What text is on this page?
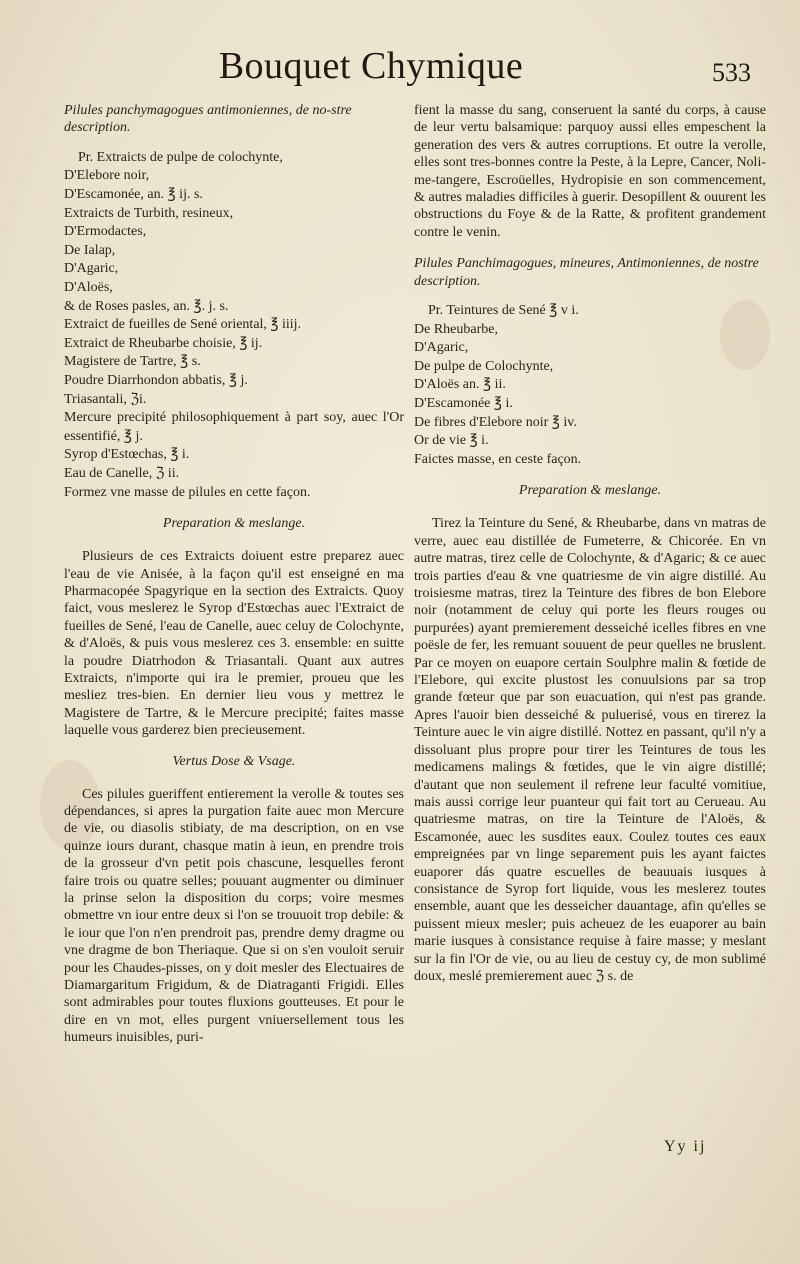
Bouquet Chymique	533

Pilules panchymagogues antimoniennes, de no-stre description.

Pr. Extraicts de pulpe de colochynte,

D'Elebore noir,

D'Escamonée, an. ℥ ij. s.

Extraicts de Turbith, resineux,

D'Ermodactes,

De Ialap,

D'Agaric,

D'Aloës,

& de Roses pasles, an. ℥. j. s.

Extraict de fueilles de Sené oriental, ℥ iiij.

Extraict de Rheubarbe choisie, ℥ ij.

Magistere de Tartre, ℥ s.

Poudre Diarrhondon abbatis, ℥ j.

Triasantali, ℨi.

Mercure precipité philosophiquement à part soy, auec l'Or essentifié, ℥ j.

Syrop d'Estœchas, ℥ i.

Eau de Canelle, ℨ ii.

Formez vne masse de pilules en cette façon.

Preparation & meslange.

Plusieurs de ces Extraicts doiuent estre preparez auec l'eau de vie Anisée, à la façon qu'il est enseigné en ma Pharmacopée Spagyrique en la section des Extraicts. Quoy faict, vous meslerez le Syrop d'Estœchas auec l'Extraict de fueilles de Sené, l'eau de Canelle, auec celuy de Colochynte, & d'Aloës, & puis vous meslerez ces 3. ensemble: en suitte la poudre Diatrhodon & Triasantali. Quant aux autres Extraicts, n'importe qui ira le premier, proueu que les mesliez tres-bien. En dernier lieu vous y mettrez le Magistere de Tartre, & le Mercure precipité; faites masse laquelle vous garderez bien precieusement.

Vertus Dose & Vsage.

Ces pilules gueriffent entierement la verolle & toutes ses dépendances, si apres la purgation faite auec mon Mercure de vie, ou diasolis stibiaty, de ma description, on en vse quinze iours durant, chasque matin à ieun, en prendre trois de la grosseur d'vn petit pois chascune, lesquelles feront faire trois ou quatre selles; pouuant augmenter ou diminuer la prinse selon la disposition du corps; voire mesmes obmettre vn iour entre deux si l'on se trouuoit trop debile: & le iour que l'on n'en prendroit pas, prendre demy dragme ou vne dragme de bon Theriaque. Que si on s'en vouloit seruir pour les Chaudes-pisses, on y doit mesler des Electuaires de Diamargaritum Frigidum, & de Diatraganti Frigidi. Elles sont admirables pour toutes fluxions goutteuses. Et pour le dire en vn mot, elles purgent vniuersellement tous les humeurs inuisibles, puri-

fient la masse du sang, conseruent la santé du corps, à cause de leur vertu balsamique: parquoy aussi elles empeschent la generation des vers & autres corruptions. Et outre la verolle, elles sont tres-bonnes contre la Peste, à la Lepre, Cancer, Noli-me-tangere, Escroüelles, Hydropisie en son commencement, & autres maladies difficiles à guerir. Desopillent & ouurent les obstructions du Foye & de la Ratte, & profitent grandement contre le venin.

Pilules Panchimagogues, mineures, Antimoniennes, de nostre description.

Pr. Teintures de Sené ℥ v i.

De Rheubarbe,

D'Agaric,

De pulpe de Colochynte,

D'Aloës an. ℥ ii.

D'Escamonée ℥ i.

De fibres d'Elebore noir ℥ iv.

Or de vie ℥ i.

Faictes masse, en ceste façon.

Preparation & meslange.

Tirez la Teinture du Sené, & Rheubarbe, dans vn matras de verre, auec eau distillée de Fumeterre, & Chicorée. En vn autre matras, tirez celle de Colochynte, & d'Agaric; & ce auec trois parties d'eau & vne quatriesme de vin aigre distillé. Au troisiesme matras, tirez la Teinture des fibres de bon Elebore noir (notamment de celuy qui porte les fleurs rouges ou purpurées) ayant premierement desseiché icelles fibres en vne poësle de fer, les remuant souuent de peur quelles ne bruslent. Par ce moyen on euapore certain Soulphre malin & fœtide de l'Elebore, qui excite plustost les conuulsions par sa trop grande fœteur que par son euacuation, qui n'est pas grande. Apres l'auoir bien desseiché & puluerisé, vous en tirerez la Teinture auec le vin aigre distillé. Nottez en passant, qu'il n'y a dissoluant plus propre pour tirer les Teintures de tous les medicamens malings & fœtides, que le vin aigre distillé; d'autant que non seulement il refrene leur faculté vomitiue, mais aussi corrige leur puanteur qui fait tort au Cerueau. Au quatriesme matras, on tire la Teinture de l'Aloës, & Escamonée, auec les susdites eaux. Coulez toutes ces eaux empreignées par vn linge separement puis les ayant faictes euaporer dás quatre escuelles de beauuais iusques à consistance de Syrop fort liquide, vous les meslerez toutes ensemble, auant que les desseicher dauantage, afin qu'elles se puissent mieux mesler; puis acheuez de les euaporer au bain marie iusques à consistance requise à faire masse; y meslant sur la fin l'Or de vie, ou au lieu de cestuy cy, de mon sublimé doux, meslé premierement auec ℨ s. de

Yy ij
